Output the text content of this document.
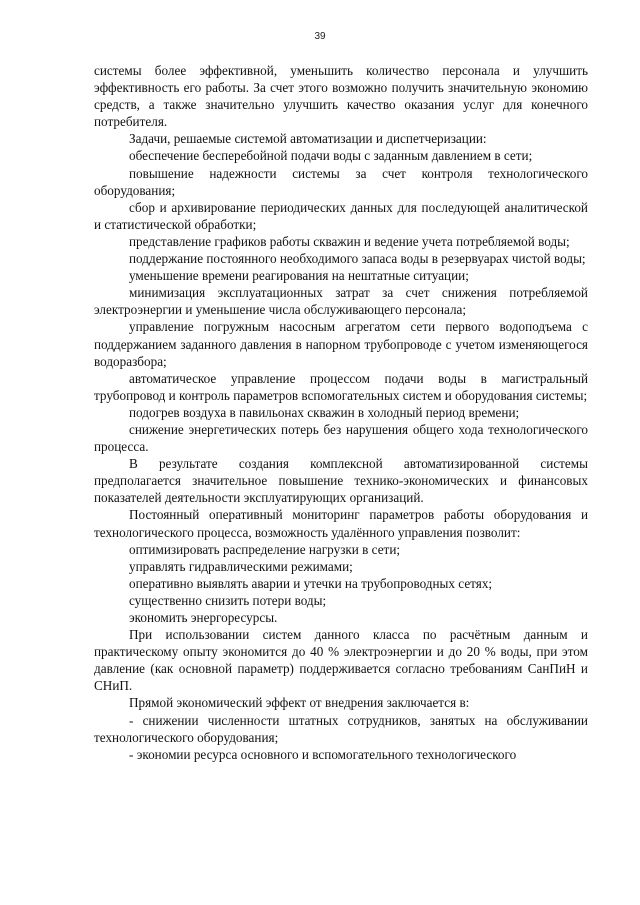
39

системы более эффективной, уменьшить количество персонала и улучшить эффективность его работы. За счет этого возможно получить значительную экономию средств, а также значительно улучшить качество оказания услуг для конечного потребителя.

Задачи, решаемые системой автоматизации и диспетчеризации:

обеспечение бесперебойной подачи воды с заданным давлением в сети;

повышение надежности системы за счет контроля технологического оборудования;

сбор и архивирование периодических данных для последующей аналитической и статистической обработки;

представление графиков работы скважин и ведение учета потребляемой воды;

поддержание постоянного необходимого запаса воды в резервуарах чистой воды;

уменьшение времени реагирования на нештатные ситуации;

минимизация эксплуатационных затрат за счет снижения потребляемой электроэнергии и уменьшение числа обслуживающего персонала;

управление погружным насосным агрегатом сети первого водоподъема с поддержанием заданного давления в напорном трубопроводе с учетом изменяющегося водоразбора;

автоматическое управление процессом подачи воды в магистральный трубопровод и контроль параметров вспомогательных систем и оборудования системы;

подогрев воздуха в павильонах скважин в холодный период времени;

снижение энергетических потерь без нарушения общего хода технологического процесса.

В результате создания комплексной автоматизированной системы предполагается значительное повышение технико-экономических и финансовых показателей деятельности эксплуатирующих организаций.

Постоянный оперативный мониторинг параметров работы оборудования и технологического процесса, возможность удалённого управления позволит:

оптимизировать распределение нагрузки в сети;

управлять гидравлическими режимами;

оперативно выявлять аварии и утечки на трубопроводных сетях;

существенно снизить потери воды;

экономить энергоресурсы.

При использовании систем данного класса по расчётным данным и практическому опыту экономится до 40 % электроэнергии и до 20 % воды, при этом давление (как основной параметр) поддерживается согласно требованиям СанПиН и СНиП.

Прямой экономический эффект от внедрения заключается в:

- снижении численности штатных сотрудников, занятых на обслуживании технологического оборудования;

- экономии ресурса основного и вспомогательного технологического
